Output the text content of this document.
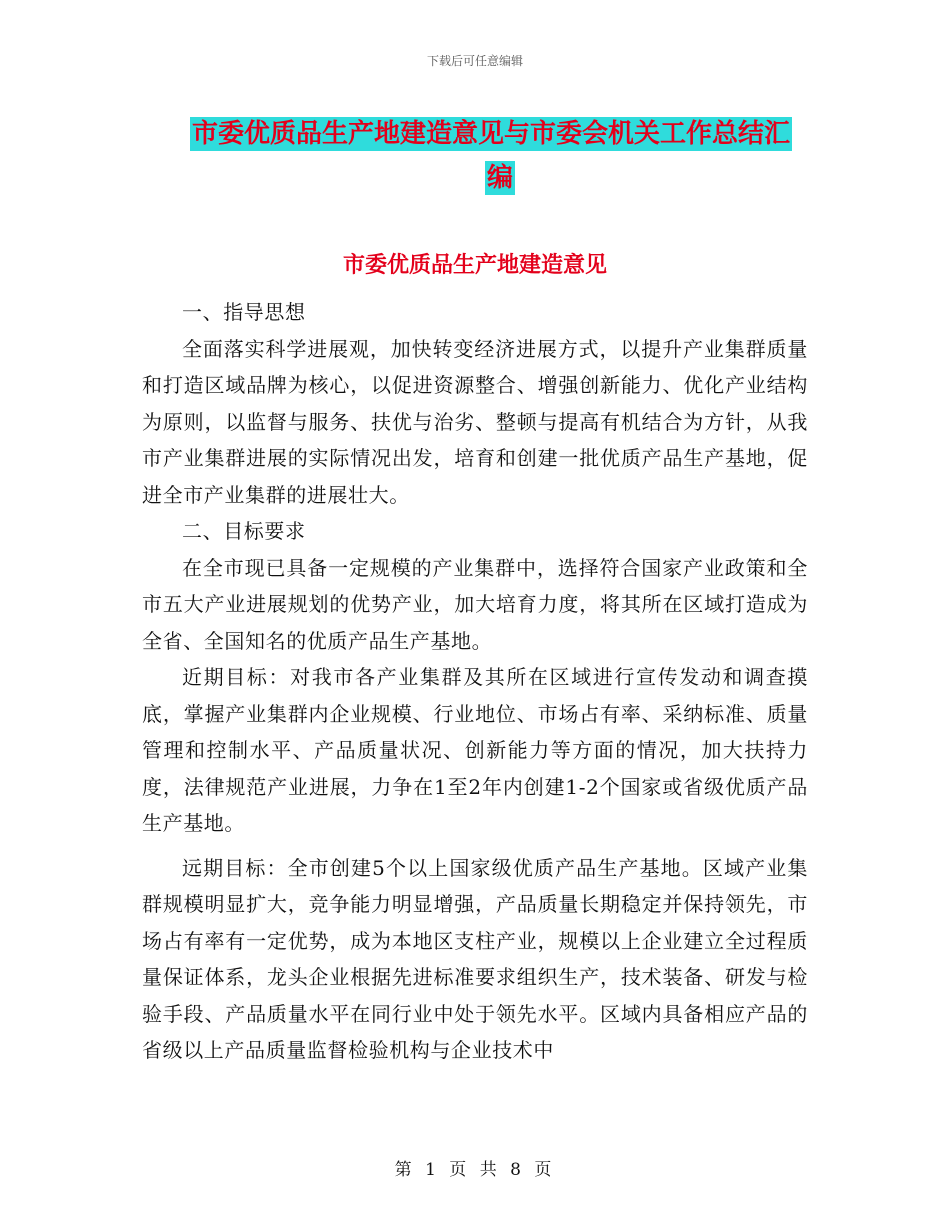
下载后可任意编辑
市委优质品生产地建造意见与市委会机关工作总结汇
编
市委优质品生产地建造意见

一、指导思想

全面落实科学进展观，加快转变经济进展方式，以提升产业集群质量和打造区域品牌为核心，以促进资源整合、增强创新能力、优化产业结构为原则，以监督与服务、扶优与治劣、整顿与提高有机结合为方针，从我市产业集群进展的实际情况出发，培育和创建一批优质产品生产基地，促进全市产业集群的进展壮大。

二、目标要求

在全市现已具备一定规模的产业集群中，选择符合国家产业政策和全市五大产业进展规划的优势产业，加大培育力度，将其所在区域打造成为全省、全国知名的优质产品生产基地。

近期目标：对我市各产业集群及其所在区域进行宣传发动和调查摸底，掌握产业集群内企业规模、行业地位、市场占有率、采纳标准、质量管理和控制水平、产品质量状况、创新能力等方面的情况，加大扶持力度，法律规范产业进展，力争在1至2年内创建1-2个国家或省级优质产品生产基地。

远期目标：全市创建5个以上国家级优质产品生产基地。区域产业集群规模明显扩大，竞争能力明显增强，产品质量长期稳定并保持领先，市场占有率有一定优势，成为本地区支柱产业，规模以上企业建立全过程质量保证体系，龙头企业根据先进标准要求组织生产，技术装备、研发与检验手段、产品质量水平在同行业中处于领先水平。区域内具备相应产品的省级以上产品质量监督检验机构与企业技术中

第 1 页 共 8 页
